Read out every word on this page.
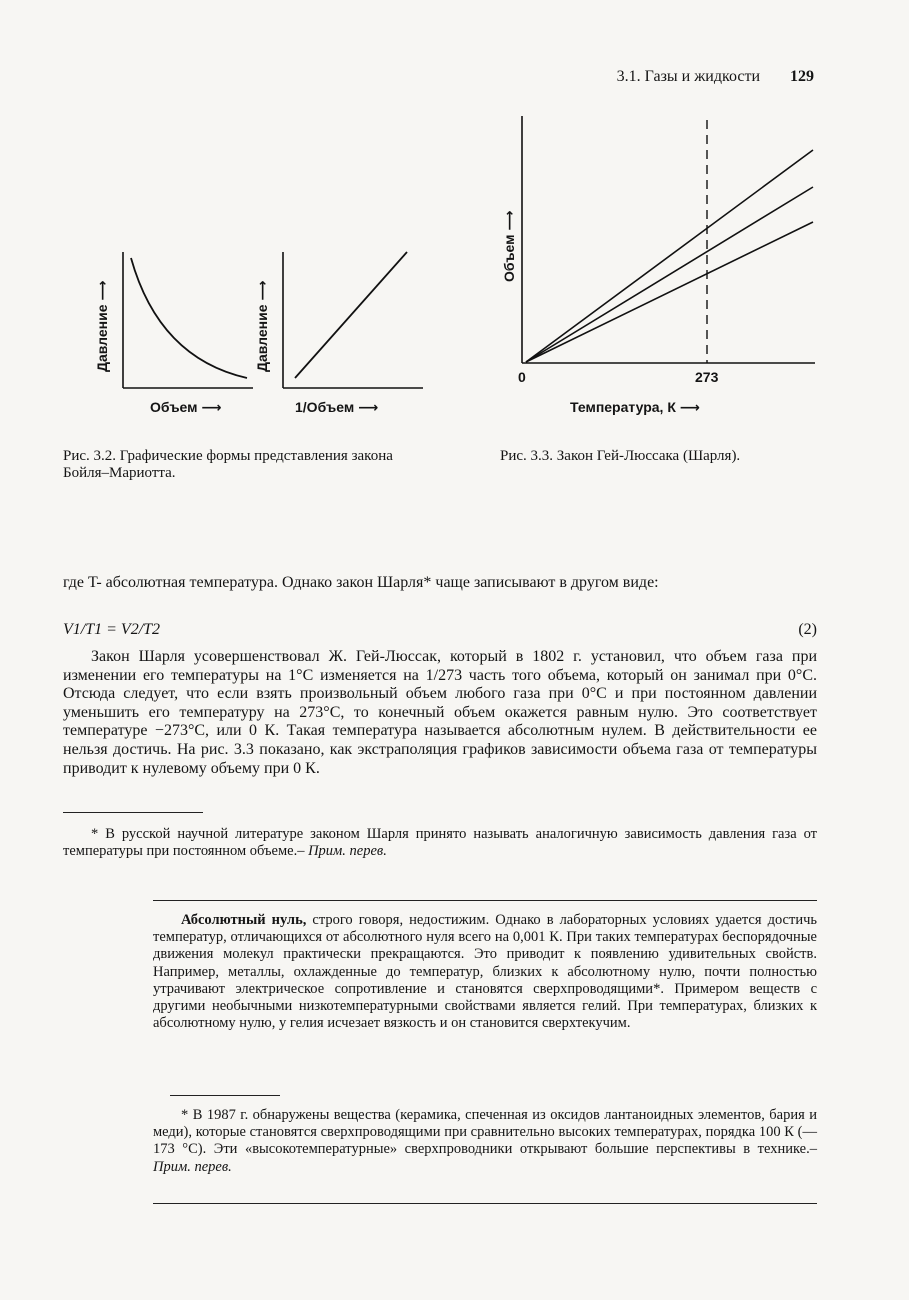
3.1. Газы и жидкости 129
Давление ⟶
Объем ⟶
Давление ⟶
1/Объем ⟶
Рис. 3.2. Графические формы представления закона Бойля–Мариотта.
Объем ⟶
0	273
Температура, К ⟶
Рис. 3.3. Закон Гей-Люссака (Шарля).
где T- абсолютная температура. Однако закон Шарля* чаще записывают в другом виде:
V1/T1 = V2/T2	(2)
Закон Шарля усовершенствовал Ж. Гей-Люссак, который в 1802 г. установил, что объем газа при изменении его температуры на 1°С изменяется на 1/273 часть того объема, который он занимал при 0°С. Отсюда следует, что если взять произвольный объем любого газа при 0°С и при постоянном давлении уменьшить его температуру на 273°С, то конечный объем окажется равным нулю. Это соответствует температуре −273°С, или 0 К. Такая температура называется абсолютным нулем. В действительности ее нельзя достичь. На рис. 3.3 показано, как экстраполяция графиков зависимости объема газа от температуры приводит к нулевому объему при 0 К.
* В русской научной литературе законом Шарля принято называть аналогичную зависимость давления газа от температуры при постоянном объеме.– Прим. перев.
Абсолютный нуль, строго говоря, недостижим. Однако в лабораторных условиях удается достичь температур, отличающихся от абсолютного нуля всего на 0,001 К. При таких температурах беспорядочные движения молекул практически прекращаются. Это приводит к появлению удивительных свойств. Например, металлы, охлажденные до температур, близких к абсолютному нулю, почти полностью утрачивают электрическое сопротивление и становятся сверхпроводящими*. Примером веществ с другими необычными низкотемпературными свойствами является гелий. При температурах, близких к абсолютному нулю, у гелия исчезает вязкость и он становится сверхтекучим.
* В 1987 г. обнаружены вещества (керамика, спеченная из оксидов лантаноидных элементов, бария и меди), которые становятся сверхпроводящими при сравнительно высоких температурах, порядка 100 К (— 173 °С). Эти «высокотемпературные» сверхпроводники открывают большие перспективы в технике.– Прим. перев.
